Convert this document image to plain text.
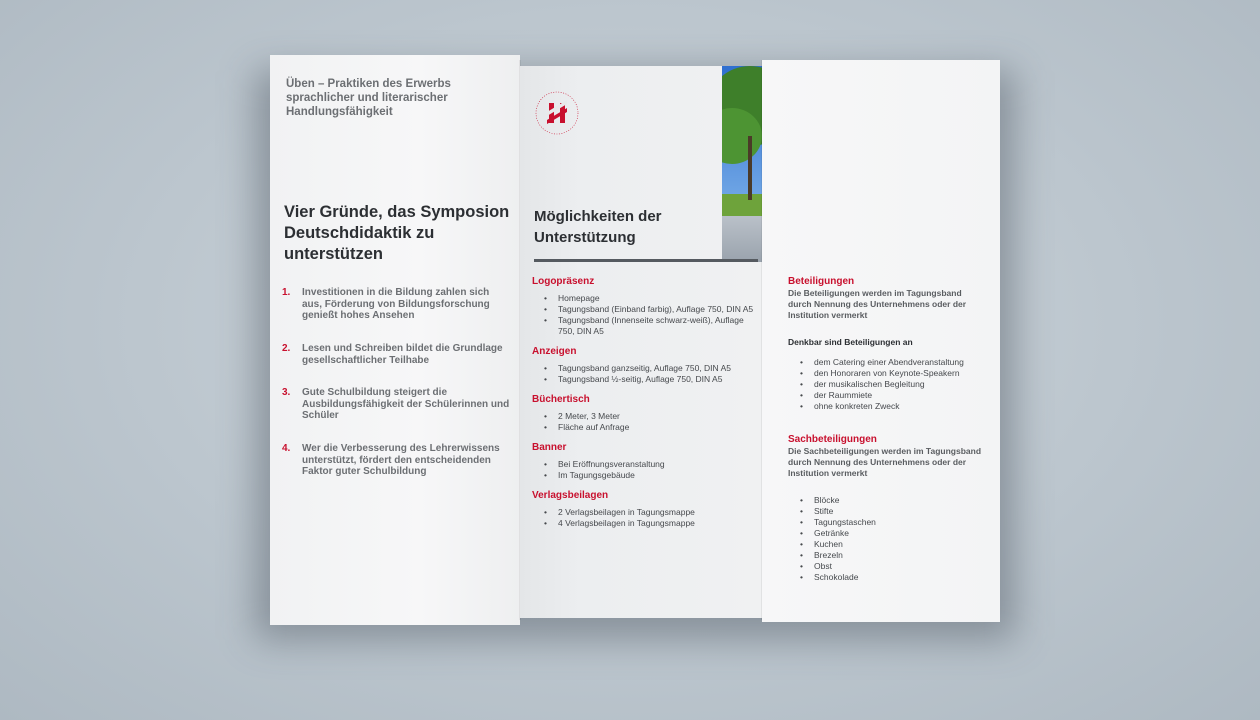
Üben – Praktiken des Erwerbs sprachlicher und literarischer Handlungsfähigkeit
Vier Gründe, das Symposion Deutschdidaktik zu unterstützen
1.	Investitionen in die Bildung zahlen sich aus, Förderung von Bildungsforschung genießt hohes Ansehen
2.	Lesen und Schreiben bildet die Grundlage gesellschaftlicher Teilhabe
3.	Gute Schulbildung steigert die Ausbildungsfähigkeit der Schülerinnen und Schüler
4.	Wer die Verbesserung des Lehrerwissens unterstützt, fördert den entscheidenden Faktor guter Schulbildung
Möglichkeiten der Unterstützung

Logopräsenz

• Homepage
• Tagungsband (Einband farbig), Auflage 750, DIN A5
• Tagungsband (Innenseite schwarz-weiß), Auflage 750, DIN A5

Anzeigen

• Tagungsband ganzseitig, Auflage 750, DIN A5
• Tagungsband ½-seitig, Auflage 750, DIN A5

Büchertisch

• 2 Meter, 3 Meter
• Fläche auf Anfrage

Banner

• Bei Eröffnungsveranstaltung
• Im Tagungsgebäude

Verlagsbeilagen

• 2 Verlagsbeilagen in Tagungsmappe
• 4 Verlagsbeilagen in Tagungsmappe

Beteiligungen

Die Beteiligungen werden im Tagungsband durch Nennung des Unternehmens oder der Institution vermerkt

Denkbar sind Beteiligungen an

• dem Catering einer Abendveranstaltung
• den Honoraren von Keynote-Speakern
• der musikalischen Begleitung
• der Raummiete
• ohne konkreten Zweck

Sachbeteiligungen

Die Sachbeteiligungen werden im Tagungsband durch Nennung des Unternehmens oder der Institution vermerkt

• Blöcke
• Stifte
• Tagungstaschen
• Getränke
• Kuchen
• Brezeln
• Obst
• Schokolade
